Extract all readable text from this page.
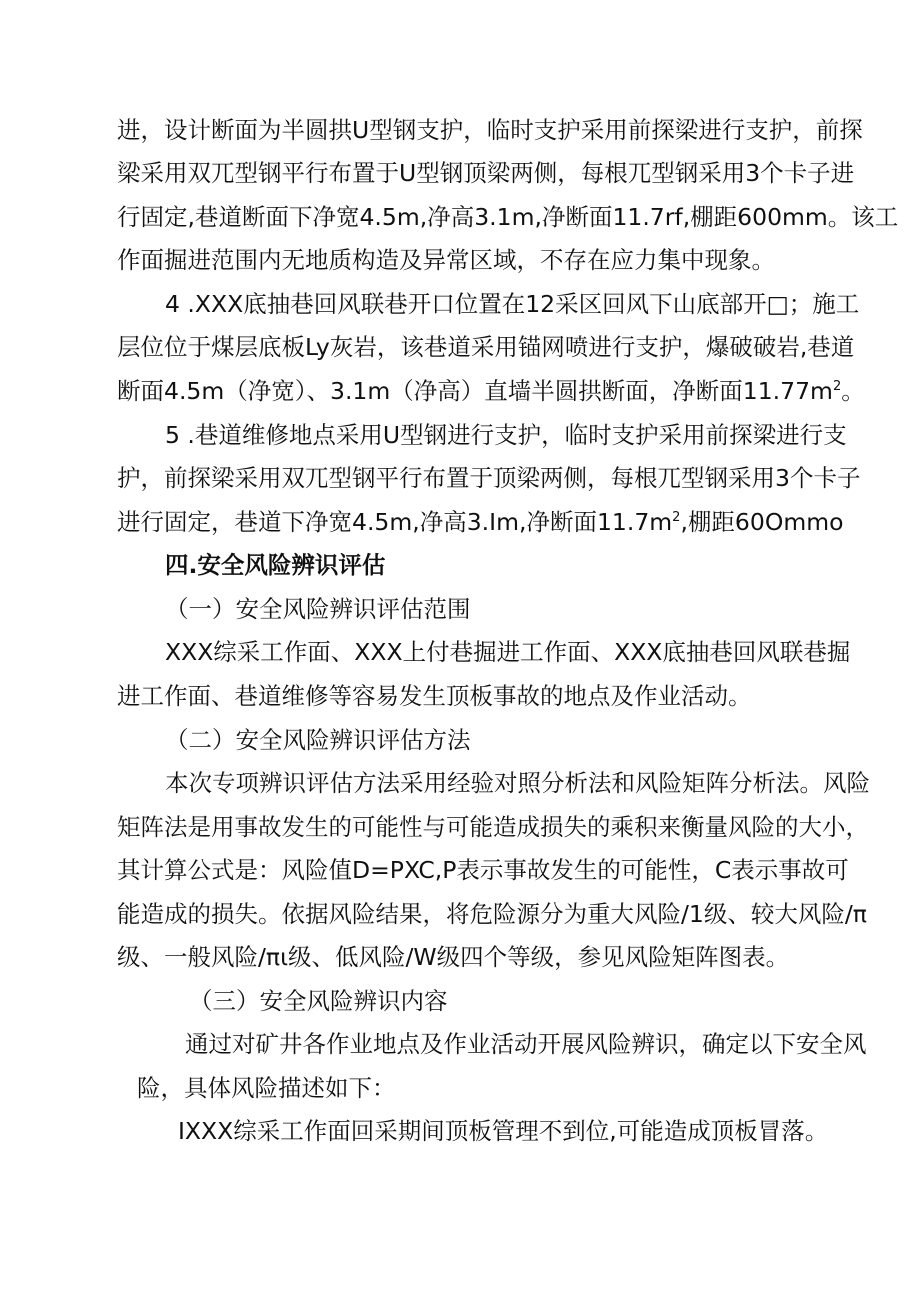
进，设计断面为半圆拱U型钢支护，临时支护采用前探梁进行支护，前探
梁采用双兀型钢平行布置于U型钢顶梁两侧，每根兀型钢采用3个卡子进
行固定,巷道断面下净宽4.5m,净高3.1m,净断面11.7rf,棚距600mm。该工
作面掘进范围内无地质构造及异常区域，不存在应力集中现象。
4 .XXX底抽巷回风联巷开口位置在12采区回风下山底部开□；施工
层位位于煤层底板Ly灰岩，该巷道采用锚网喷进行支护，爆破破岩,巷道
断面4.5m（净宽）、3.1m（净高）直墙半圆拱断面，净断面$11.77m^2$。
5 .巷道维修地点采用U型钢进行支护，临时支护采用前探梁进行支
护，前探梁采用双兀型钢平行布置于顶梁两侧，每根兀型钢采用3个卡子
进行固定，巷道下净宽4.5m,净高3.Im,净断面$11.7m^2$,棚距60Ommo
四.安全风险辨识评估
（一）安全风险辨识评估范围
XXX综采工作面、XXX上付巷掘进工作面、XXX底抽巷回风联巷掘
进工作面、巷道维修等容易发生顶板事故的地点及作业活动。
（二）安全风险辨识评估方法
本次专项辨识评估方法采用经验对照分析法和风险矩阵分析法。风险
矩阵法是用事故发生的可能性与可能造成损失的乘积来衡量风险的大小，
其计算公式是：风险值D=PXC,P表示事故发生的可能性，C表示事故可
能造成的损失。依据风险结果，将危险源分为重大风险/1级、较大风险/π
级、一般风险/πι级、低风险/W级四个等级，参见风险矩阵图表。
（三）安全风险辨识内容
通过对矿井各作业地点及作业活动开展风险辨识，确定以下安全风
险，具体风险描述如下：
IXXX综采工作面回采期间顶板管理不到位,可能造成顶板冒落。
